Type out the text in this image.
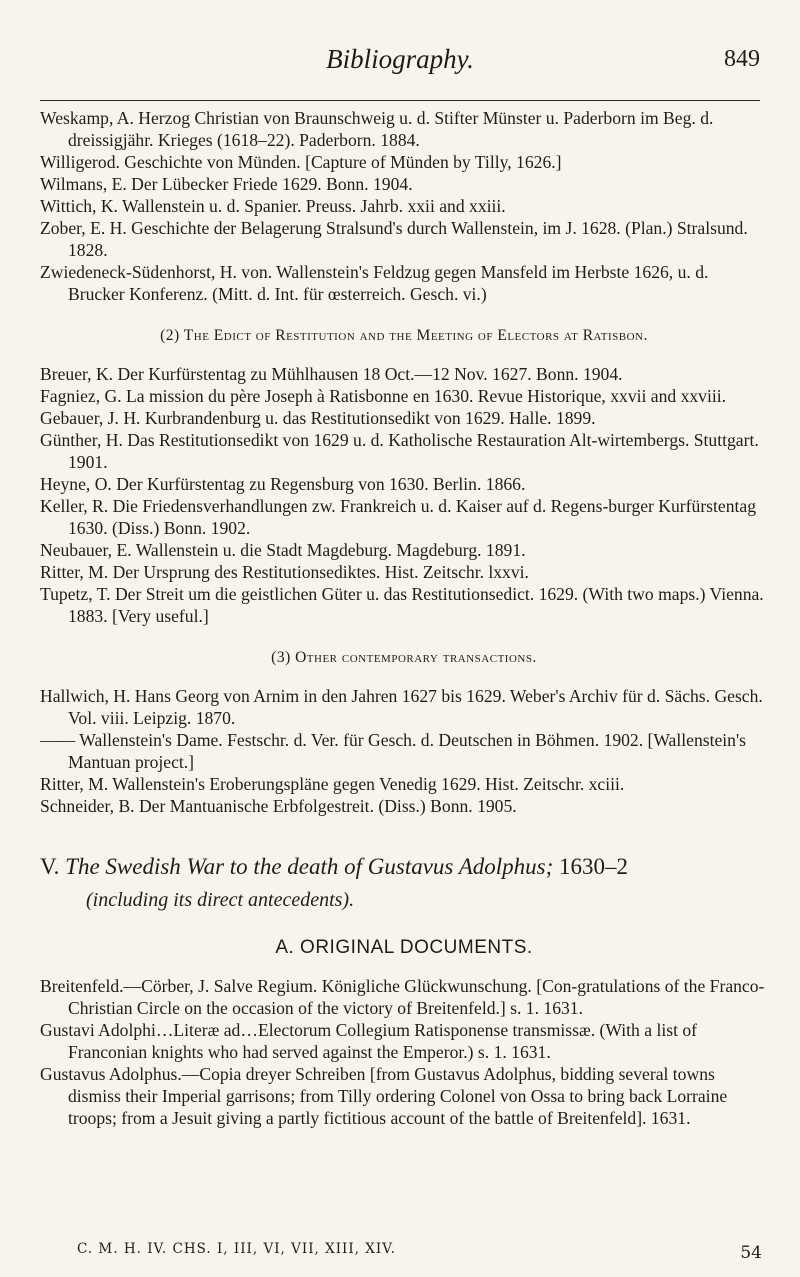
Bibliography.	849

Weskamp, A. Herzog Christian von Braunschweig u. d. Stifter Münster u. Paderborn im Beg. d. dreissigjähr. Krieges (1618–22). Paderborn. 1884.

Willigerod. Geschichte von Münden. [Capture of Münden by Tilly, 1626.]

Wilmans, E. Der Lübecker Friede 1629. Bonn. 1904.

Wittich, K. Wallenstein u. d. Spanier. Preuss. Jahrb. xxii and xxiii.

Zober, E. H. Geschichte der Belagerung Stralsund's durch Wallenstein, im J. 1628. (Plan.) Stralsund. 1828.

Zwiedeneck-Südenhorst, H. von. Wallenstein's Feldzug gegen Mansfeld im Herbste 1626, u. d. Brucker Konferenz. (Mitt. d. Int. für œsterreich. Gesch. vi.)

(2) The Edict of Restitution and the Meeting of Electors at Ratisbon.

Breuer, K. Der Kurfürstentag zu Mühlhausen 18 Oct.—12 Nov. 1627. Bonn. 1904.

Fagniez, G. La mission du père Joseph à Ratisbonne en 1630. Revue Historique, xxvii and xxviii.

Gebauer, J. H. Kurbrandenburg u. das Restitutionsedikt von 1629. Halle. 1899.

Günther, H. Das Restitutionsedikt von 1629 u. d. Katholische Restauration Alt-wirtembergs. Stuttgart. 1901.

Heyne, O. Der Kurfürstentag zu Regensburg von 1630. Berlin. 1866.

Keller, R. Die Friedensverhandlungen zw. Frankreich u. d. Kaiser auf d. Regens-burger Kurfürstentag 1630. (Diss.) Bonn. 1902.

Neubauer, E. Wallenstein u. die Stadt Magdeburg. Magdeburg. 1891.

Ritter, M. Der Ursprung des Restitutionsediktes. Hist. Zeitschr. lxxvi.

Tupetz, T. Der Streit um die geistlichen Güter u. das Restitutionsedict. 1629. (With two maps.) Vienna. 1883. [Very useful.]

(3) Other contemporary transactions.

Hallwich, H. Hans Georg von Arnim in den Jahren 1627 bis 1629. Weber's Archiv für d. Sächs. Gesch. Vol. viii. Leipzig. 1870.

—— Wallenstein's Dame. Festschr. d. Ver. für Gesch. d. Deutschen in Böhmen. 1902. [Wallenstein's Mantuan project.]

Ritter, M. Wallenstein's Eroberungspläne gegen Venedig 1629. Hist. Zeitschr. xciii.

Schneider, B. Der Mantuanische Erbfolgestreit. (Diss.) Bonn. 1905.

V. The Swedish War to the death of Gustavus Adolphus; 1630–2
(including its direct antecedents).
A. ORIGINAL DOCUMENTS.

Breitenfeld.—Cörber, J. Salve Regium. Königliche Glückwunschung. [Con-gratulations of the Franco-Christian Circle on the occasion of the victory of Breitenfeld.] s. 1. 1631.

Gustavi Adolphi…Literæ ad…Electorum Collegium Ratisponense transmissæ. (With a list of Franconian knights who had served against the Emperor.) s. 1. 1631.

Gustavus Adolphus.—Copia dreyer Schreiben [from Gustavus Adolphus, bidding several towns dismiss their Imperial garrisons; from Tilly ordering Colonel von Ossa to bring back Lorraine troops; from a Jesuit giving a partly fictitious account of the battle of Breitenfeld]. 1631.

C. M. H. IV. CHS. I, III, VI, VII, XIII, XIV.	54
